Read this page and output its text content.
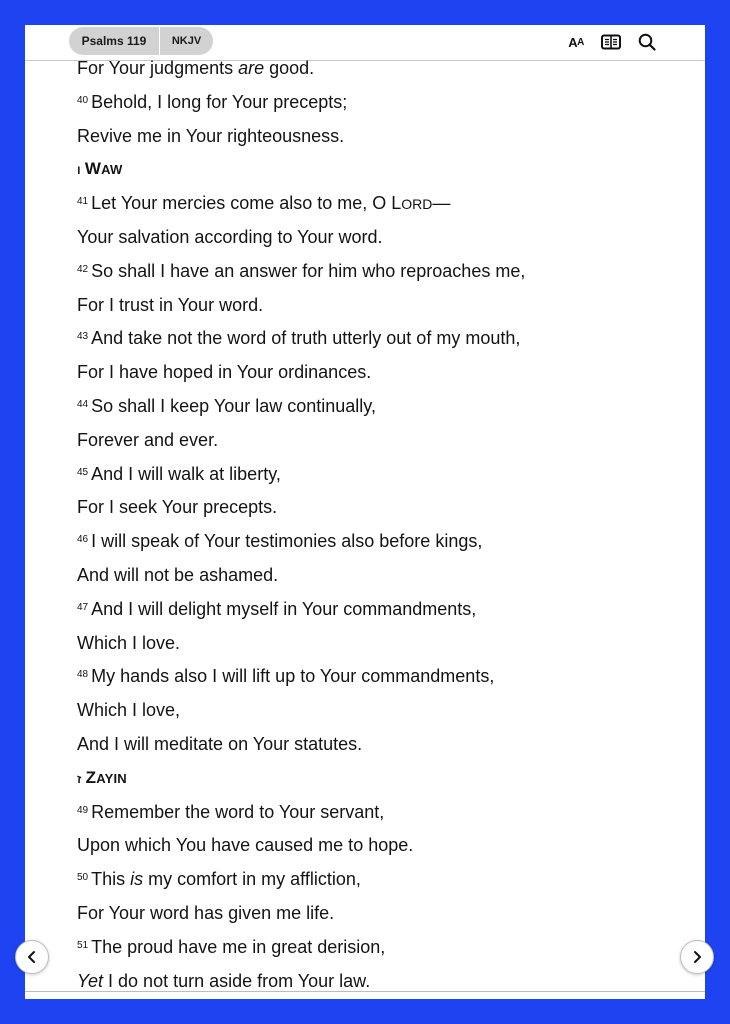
Psalms 119	NKJV	A A
For Your judgments are good.
$^{40}$ Behold, I long for Your precepts;
Revive me in Your righteousness.
ו WAW
$^{41}$ Let Your mercies come also to me, O LORD—
Your salvation according to Your word.
$^{42}$ So shall I have an answer for him who reproaches me,
For I trust in Your word.
$^{43}$ And take not the word of truth utterly out of my mouth,
For I have hoped in Your ordinances.
$^{44}$ So shall I keep Your law continually,
Forever and ever.
$^{45}$ And I will walk at liberty,
For I seek Your precepts.
$^{46}$ I will speak of Your testimonies also before kings,
And will not be ashamed.
$^{47}$ And I will delight myself in Your commandments,
Which I love.
$^{48}$ My hands also I will lift up to Your commandments,
Which I love,
And I will meditate on Your statutes.
ז ZAYIN
$^{49}$ Remember the word to Your servant,
Upon which You have caused me to hope.
$^{50}$ This is my comfort in my affliction,
For Your word has given me life.
$^{51}$ The proud have me in great derision,
Yet I do not turn aside from Your law.
